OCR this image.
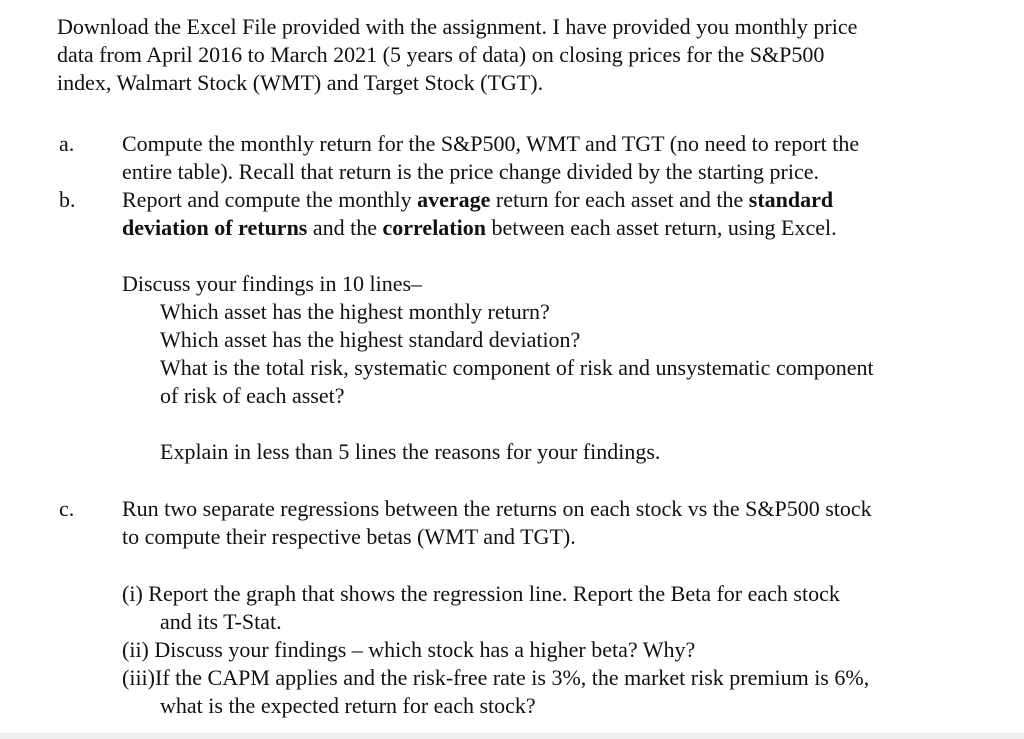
Download the Excel File provided with the assignment. I have provided you monthly price
data from April 2016 to March 2021 (5 years of data) on closing prices for the S&P500
index, Walmart Stock (WMT) and Target Stock (TGT).
a.	Compute the monthly return for the S&P500, WMT and TGT (no need to report the
entire table). Recall that return is the price change divided by the starting price.
b.	Report and compute the monthly average return for each asset and the standard
deviation of returns and the correlation between each asset return, using Excel.
Discuss your findings in 10 lines–
Which asset has the highest monthly return?
Which asset has the highest standard deviation?
What is the total risk, systematic component of risk and unsystematic component
of risk of each asset?
Explain in less than 5 lines the reasons for your findings.
c.	Run two separate regressions between the returns on each stock vs the S&P500 stock
to compute their respective betas (WMT and TGT).
(i) Report the graph that shows the regression line. Report the Beta for each stock
and its T-Stat.
(ii) Discuss your findings – which stock has a higher beta? Why?
(iii)If the CAPM applies and the risk-free rate is 3%, the market risk premium is 6%,
what is the expected return for each stock?
